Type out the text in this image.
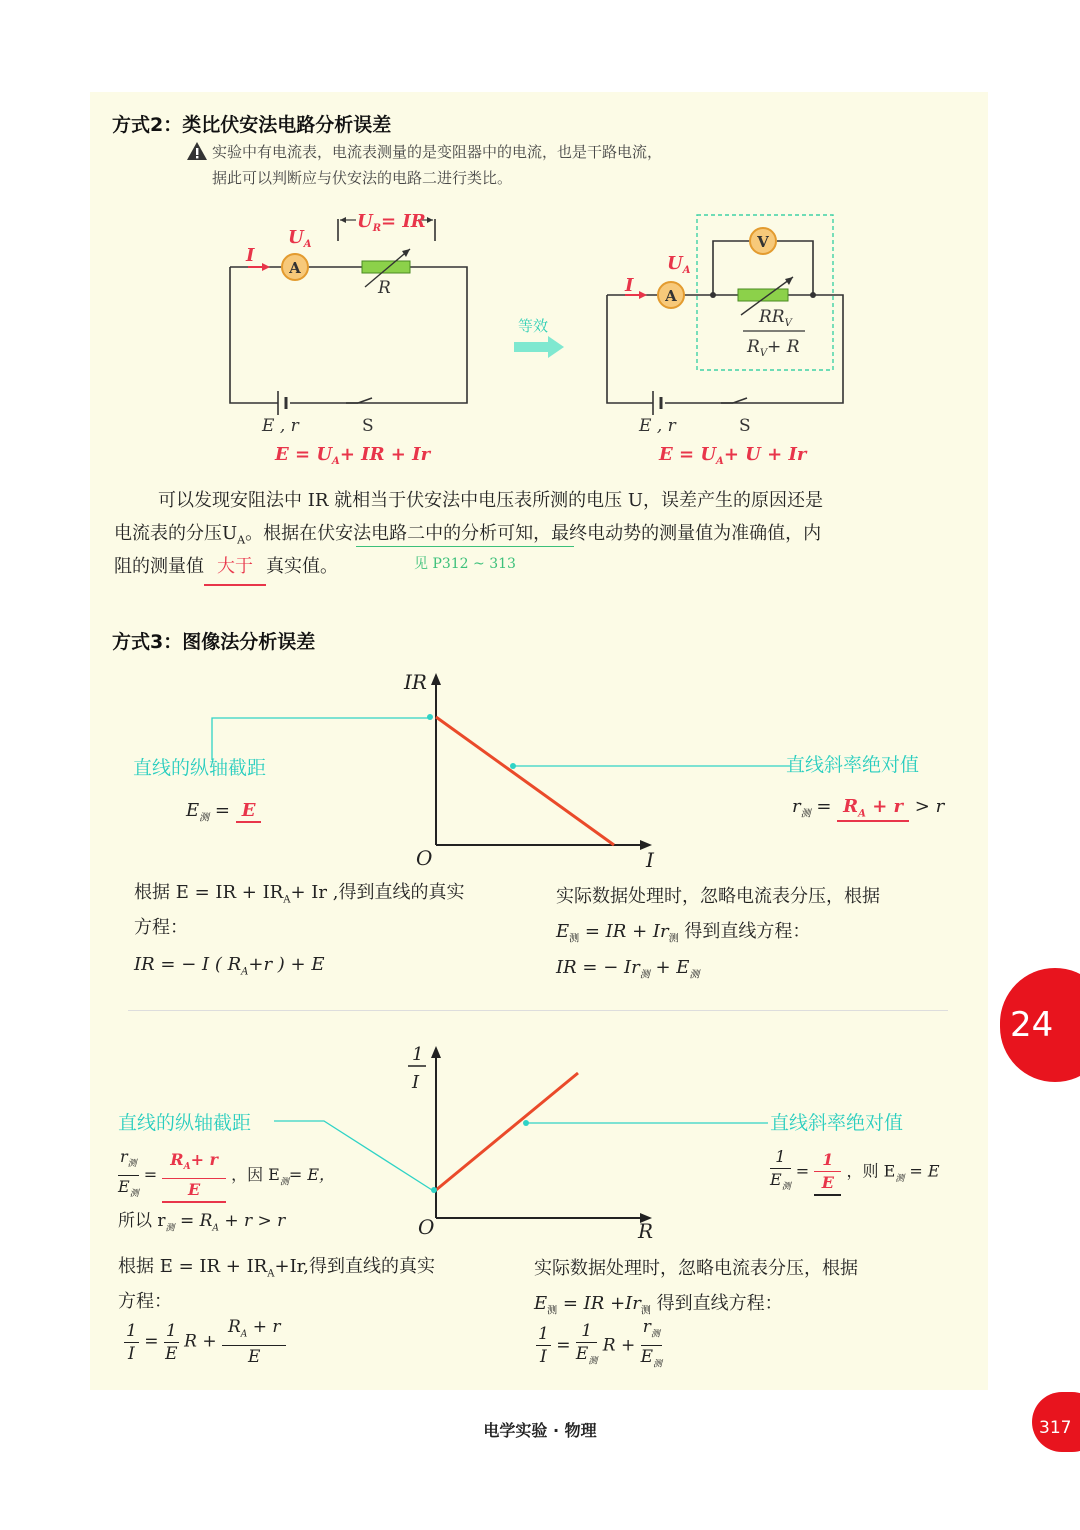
方式2：类比伏安法电路分析误差
实验中有电流表，电流表测量的是变阻器中的电流，也是干路电流，
据此可以判断应与伏安法的电路二进行类比。
A
$U_R=$ IR
$U_A$
I
R
E , r	S
$E = U_A+$ IR + Ir
等效
V
A
$U_A$
I
$RR_V$
$R_V+ R$
E , r	S
$E = U_A+ U + Ir$
可以发现安阻法中 IR 就相当于伏安法中电压表所测的电压 U，误差产生的原因还是
电流表的分压$U_A$。根据在伏安法电路二中的分析可知，最终电动势的测量值为准确值，内
阻的测量值 大于 真实值。	见 P312 ~ 313
方式3：图像法分析误差
IR
I
O
直线的纵轴截距	直线斜率绝对值
$E_测 = E$	$r_测 = R_A + r > r$
根据 E = IR + $IR_A+ Ir$ ,得到直线的真实
方程：
IR = − I ( $R_A+r$ ) + E
实际数据处理时，忽略电流表分压，根据
$E_测$ = IR + $Ir_测$ 得到直线方程：
IR = − $Ir_测 + E_测$
1
I
R
O
直线的纵轴截距	直线斜率绝对值
$\frac{r_测}{E_测} = \frac{R_A+ r}{E}$ ，因 $E_测= E$，
所以 $r_测 = R_A + r > r$
$\frac{1}{E_测} = \frac{1}{E}$ ，则 $E_测 = E$
根据 E = IR + $IR_A+Ir$,得到直线的真实
方程：
$\frac{1}{I} = \frac{1}{E}$ $R + \frac{R_A + r}{E}$
实际数据处理时，忽略电流表分压，根据
$E_测$ = IR $+Ir_测$ 得到直线方程：
$\frac{1}{I} = \frac{1}{E_测}$ $R + \frac{r_测}{E_测}$
24
电学实验 · 物理	317
